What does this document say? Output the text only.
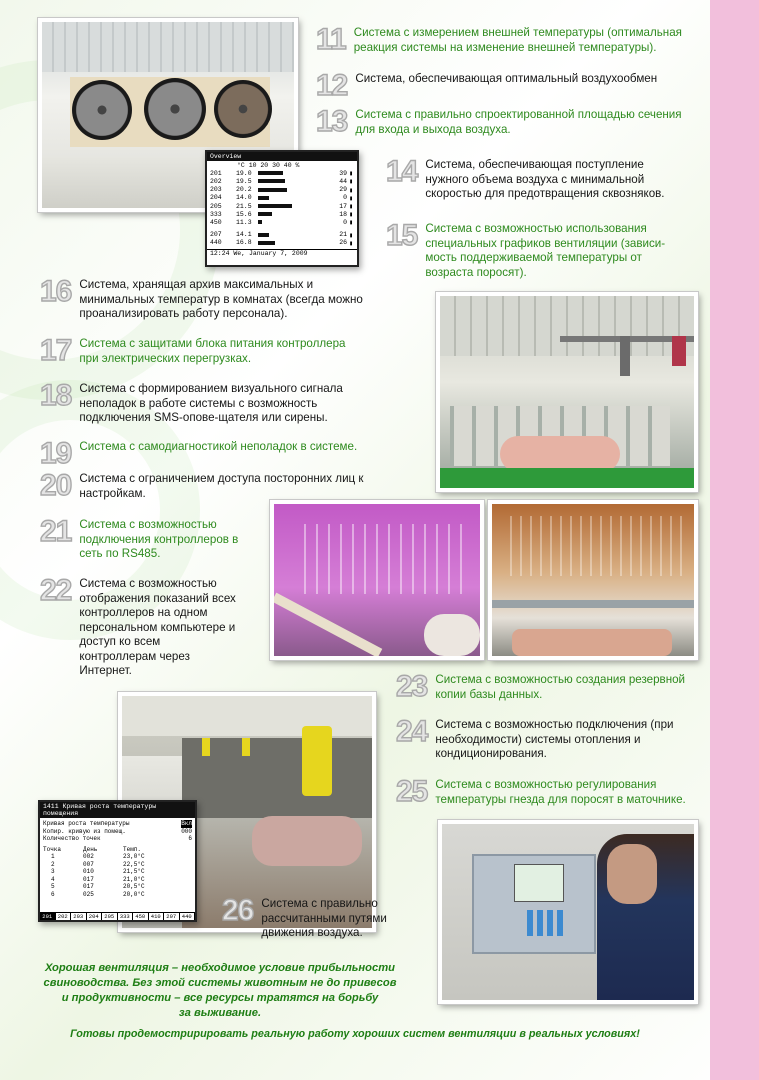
Overview
°C 10 20 30 40 %
201	19.0	39 ▮
202	19.5	44 ▮
203	20.2	29 ▮
204	14.0	0 ▮
205	21.5	17 ▮
333	15.6	18 ▮
450	11.3	0 ▮
207	14.1	21 ▮
440	16.8	26 ▮
12:24 We, January 7, 2009
1411 Кривая роста температуры помещения
Кривая роста температуры	Вкл
Копир. кривую из помещ.	000
Количество точек	6
Точка	День	Темп.
1	002	23,0°C
2	007	22,5°C
3	010	21,5°C
4	017	21,0°C
5	017	20,5°C
6	025	20,0°C
201	202	203	204	205	333	450	410	207	440
11 Система с измерением внешней температуры (оптимальная реакция системы на изменение внешней температуры).
12 Система, обеспечивающая оптимальный воздухообмен
13 Система с правильно спроектированной площадью сечения для входа и выхода воздуха.
14 Система, обеспечивающая поступление нужного объема воздуха с минимальной скоростью для предотвращения сквозняков.
15 Система с возможностью использования специальных графиков вентиляции (зависи-мость поддерживаемой температуры от возраста поросят).
16 Система, хранящая архив максимальных и минимальных температур в комнатах (всегда можно проанализировать работу персонала).
17 Система с защитами блока питания контроллера при электрических перегрузках.
18 Система с формированием визуального сигнала неполадок в работе системы с возможность подключения SMS-опове-щателя или сирены.
19 Система с самодиагностикой неполадок в системе.
20 Система с ограничением доступа посторонних лиц к настройкам.
21 Система с возможностью подключения контроллеров в сеть по RS485.
22 Система с возможностью отображения показаний всех контроллеров на одном персональном компьютере и доступ ко всем контроллерам через Интернет.	23 Система с возможностью создания резервной копии базы данных.
24 Система с возможностью подключения (при необходимости) системы отопления и кондиционирования.
25 Система с возможностью регулирования температуры гнезда для поросят в маточнике.
26 Система с правильно рассчитанными путями движения воздуха.
Хорошая вентиляция – необходимое условие прибыльности
свиноводства. Без этой системы животным не до привесов
и продуктивности – все ресурсы тратятся на борьбу
за выживание.
Готовы продемостририровать реальную работу хороших систем вентиляции в реальных условиях!
